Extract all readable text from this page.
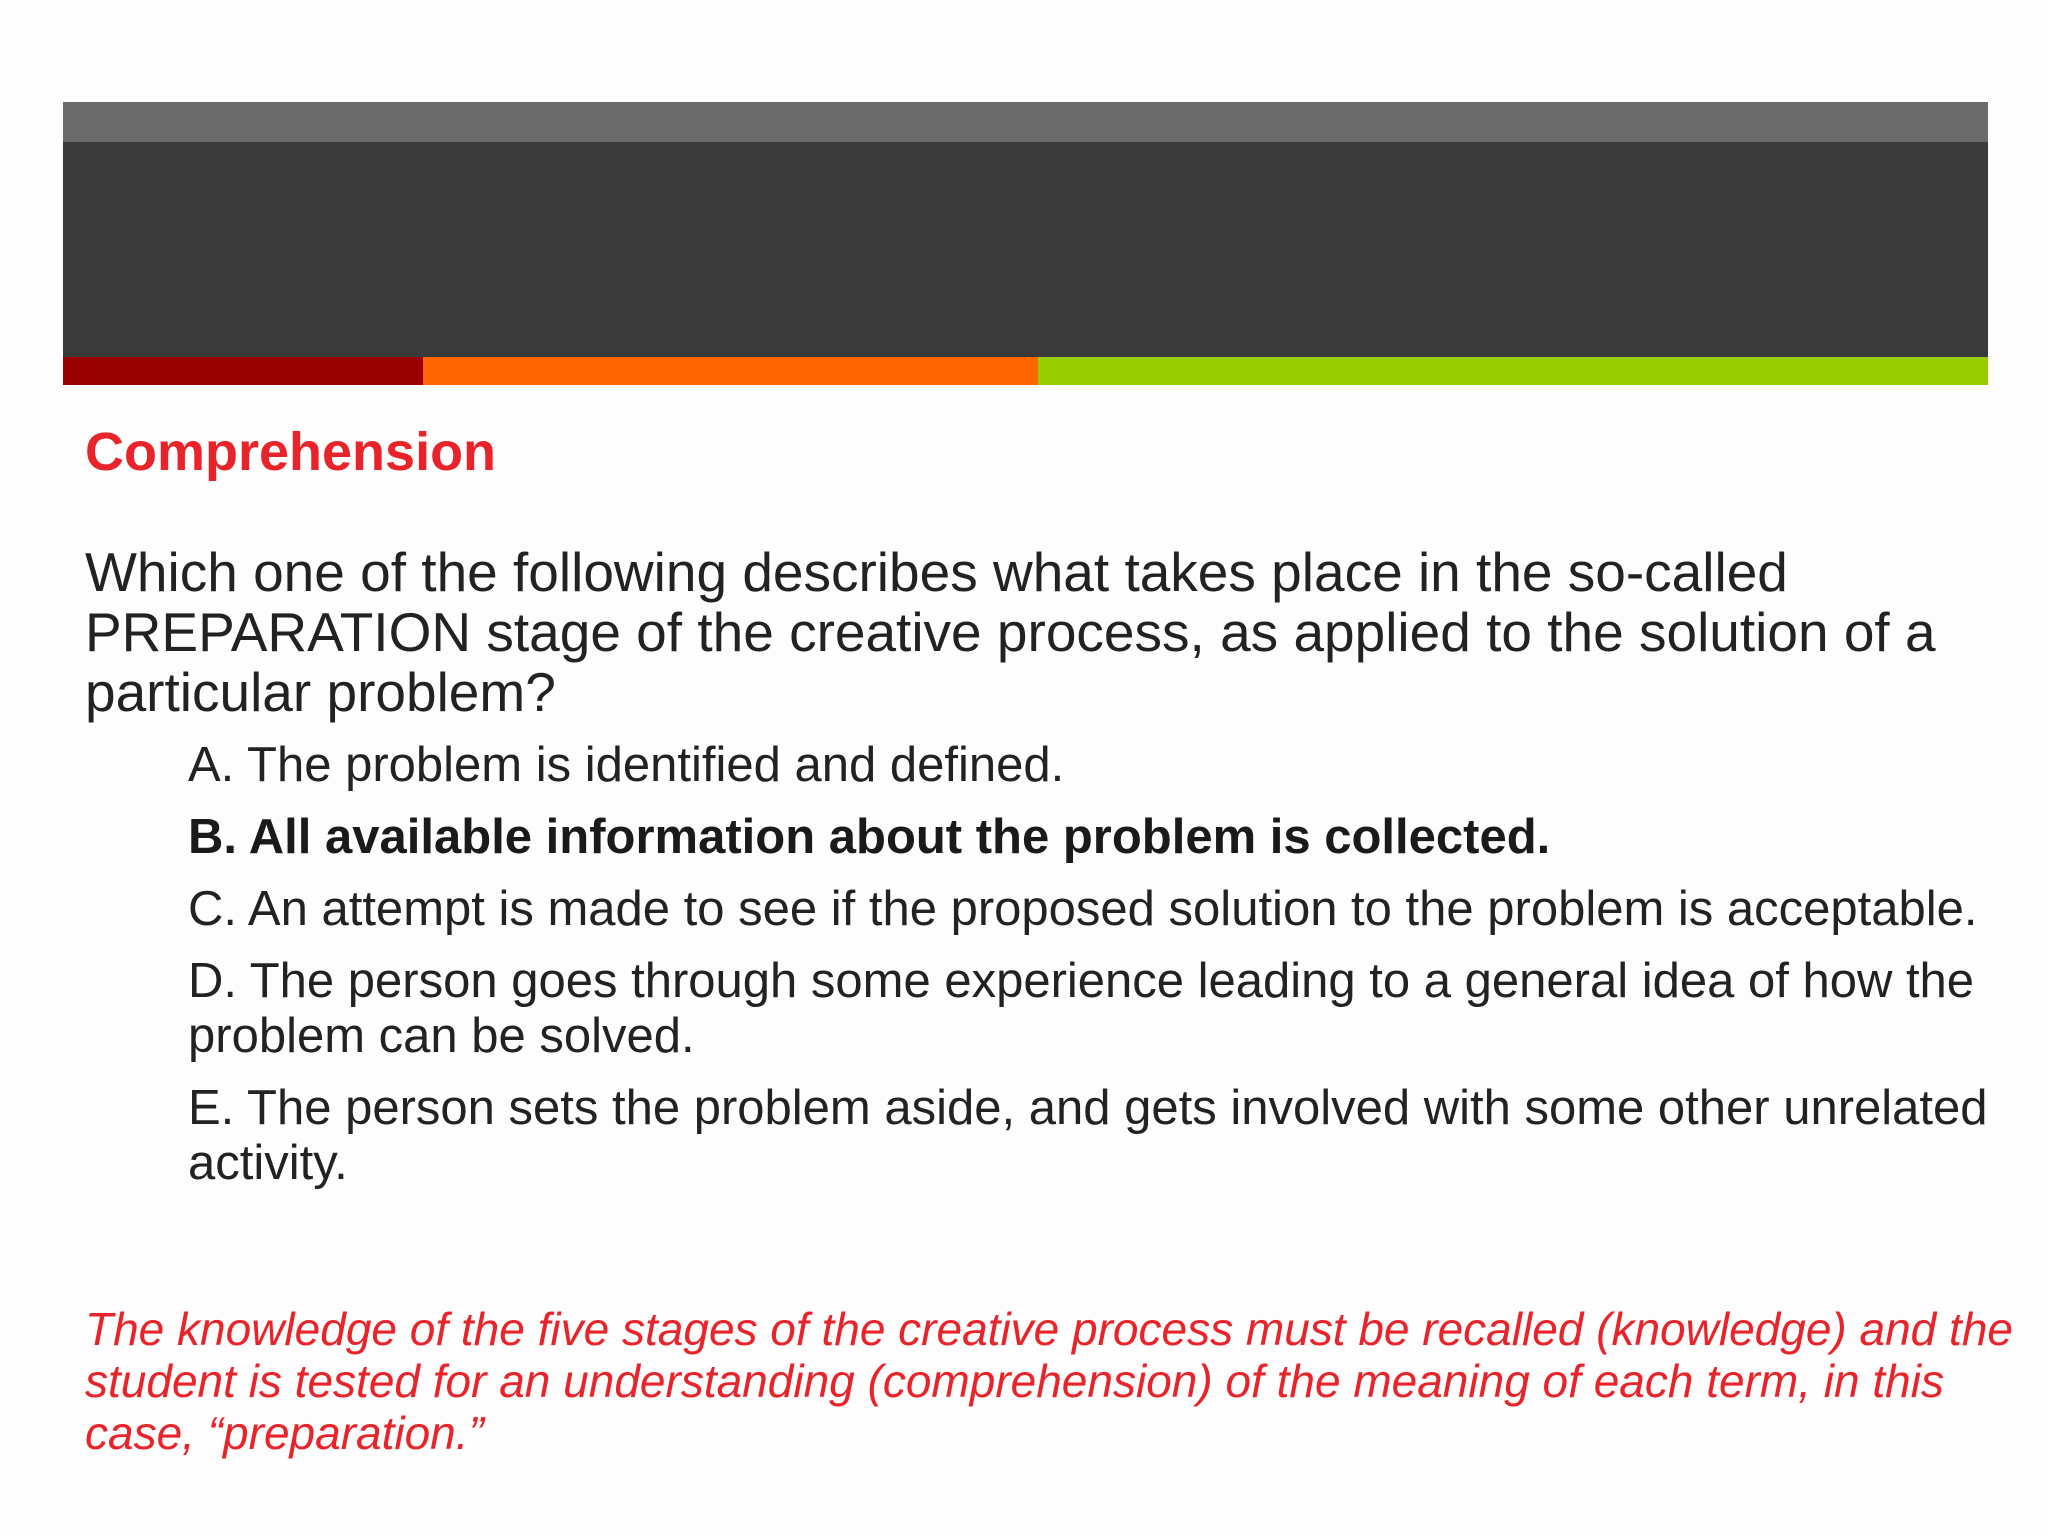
Comprehension
Which one of the following describes what takes place in the so-called PREPARATION stage of the creative process, as applied to the solution of a particular problem?
A. The problem is identified and defined.
B. All available information about the problem is collected.
C. An attempt is made to see if the proposed solution to the problem is acceptable.
D. The person goes through some experience leading to a general idea of how the problem can be solved.
E. The person sets the problem aside, and gets involved with some other unrelated activity.
The knowledge of the five stages of the creative process must be recalled (knowledge) and the student is tested for an understanding (comprehension) of the meaning of each term, in this case, “preparation.”
